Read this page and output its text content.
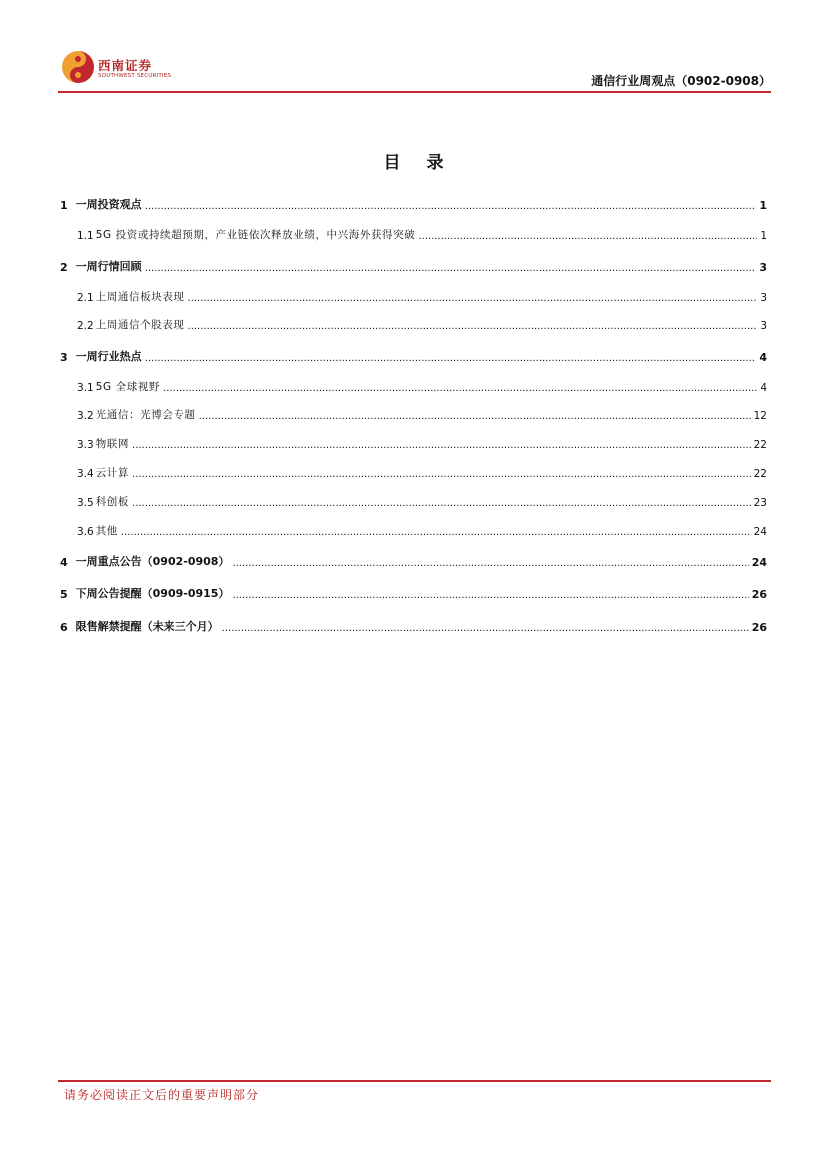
西南证券
SOUTHWEST SECURITIES	通信行业周观点（0902-0908）
目 录
1 一周投资观点 .....	1
1.1 5G 投资或持续超预期，产业链依次释放业绩，中兴海外获得突破 .....	1
2 一周行情回顾 .....	3
2.1 上周通信板块表现 .....	3
2.2 上周通信个股表现 .....	3
3 一周行业热点 .....	4
3.1 5G 全球视野 .....	4
3.2 光通信：光博会专题 .....	12
3.3 物联网 .....	22
3.4 云计算 .....	22
3.5 科创板 .....	23
3.6 其他 .....	24
4 一周重点公告（0902-0908） .....	24
5 下周公告提醒（0909-0915） .....	26
6 限售解禁提醒（未来三个月） .....	26
请务必阅读正文后的重要声明部分
